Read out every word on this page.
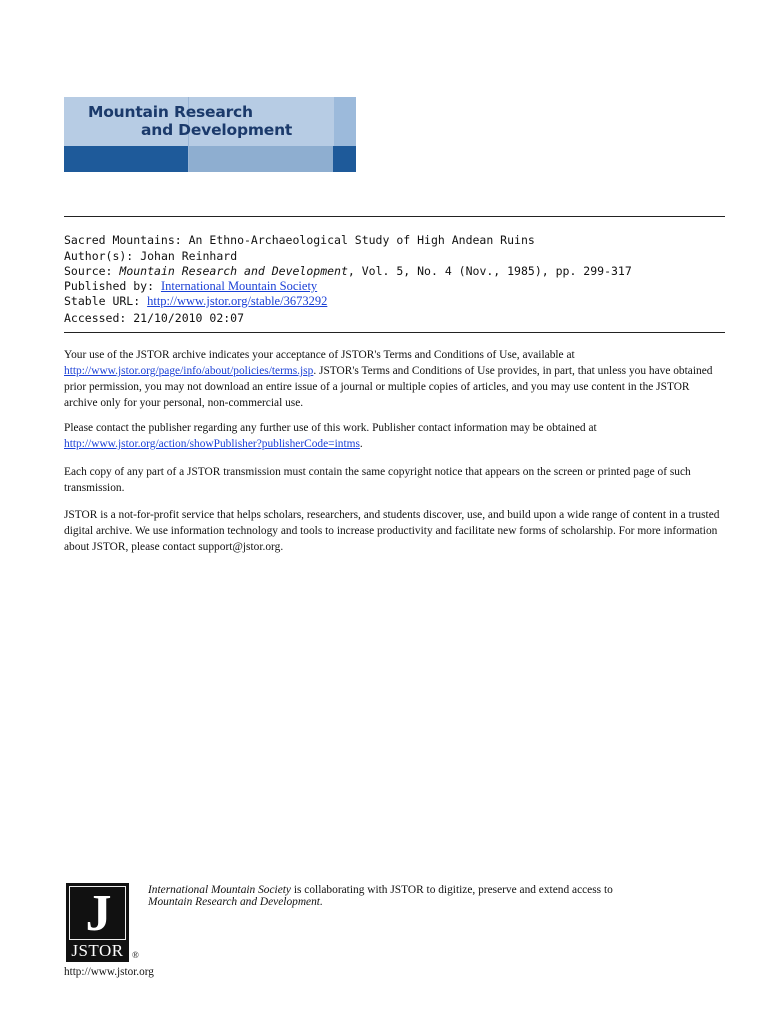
Mountain Research
and Development
Sacred Mountains: An Ethno-Archaeological Study of High Andean Ruins
Author(s): Johan Reinhard
Source: Mountain Research and Development, Vol. 5, No. 4 (Nov., 1985), pp. 299-317
Published by: International Mountain Society
Stable URL: http://www.jstor.org/stable/3673292
Accessed: 21/10/2010 02:07

Your use of the JSTOR archive indicates your acceptance of JSTOR's Terms and Conditions of Use, available at http://www.jstor.org/page/info/about/policies/terms.jsp. JSTOR's Terms and Conditions of Use provides, in part, that unless you have obtained prior permission, you may not download an entire issue of a journal or multiple copies of articles, and you may use content in the JSTOR archive only for your personal, non-commercial use.

Please contact the publisher regarding any further use of this work. Publisher contact information may be obtained at http://www.jstor.org/action/showPublisher?publisherCode=intms.

Each copy of any part of a JSTOR transmission must contain the same copyright notice that appears on the screen or printed page of such transmission.

JSTOR is a not-for-profit service that helps scholars, researchers, and students discover, use, and build upon a wide range of content in a trusted digital archive. We use information technology and tools to increase productivity and facilitate new forms of scholarship. For more information about JSTOR, please contact support@jstor.org.

J
JSTOR ®
http://www.jstor.org
International Mountain Society is collaborating with JSTOR to digitize, preserve and extend access to
Mountain Research and Development.
